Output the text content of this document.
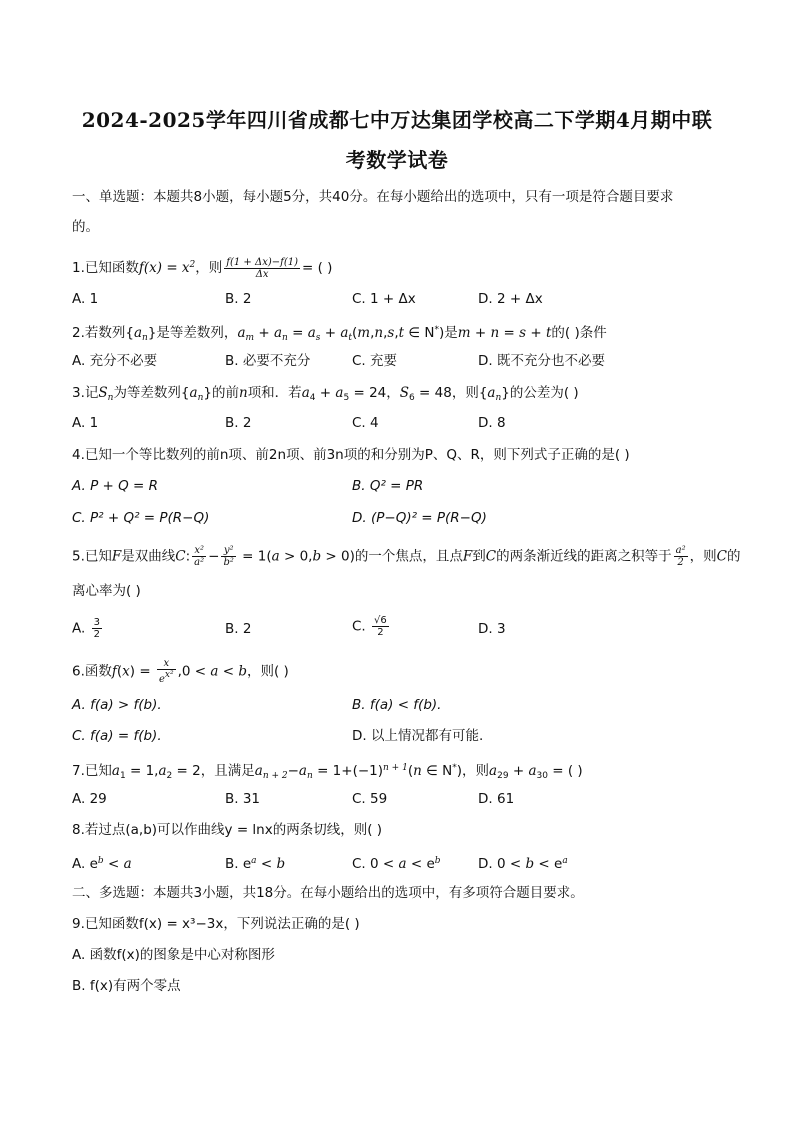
2024-2025学年四川省成都七中万达集团学校高二下学期4月期中联
考数学试卷
一、单选题：本题共8小题，每小题5分，共40分。在每小题给出的选项中，只有一项是符合题目要求
的。
1.已知函数$f(x) = x^2$，则 $\frac{f(1 + \Delta x)-f(1)}{\Delta x}$ = ( )
A. 1	B. 2	C. 1 + Δx	D. 2 + Δx
2.若数列$\{a_n\}$是等差数列，$a_m + a_n = a_s + a_t(m,n,s,t$ ∈ N*)是m + n = s + t的( )条件
A. 充分不必要	B. 必要不充分	C. 充要	D. 既不充分也不必要
3.记$S_n$为等差数列$\{a_n\}$的前n项和．若$a_4 + a_5 = 24$，$S_6 = 48$，则$\{a_n\}$的公差为( )
A. 1	B. 2	C. 4	D. 8
4.已知一个等比数列的前n项、前2n项、前3n项的和分别为P、Q、R，则下列式子正确的是( )
A. P + Q = R	B. Q² = PR
C. P² + Q² = P(R−Q)	D. (P−Q)² = P(R−Q)
5.已知F是双曲线C: $\frac{\text{x²}}{\text{a²}} - \frac{\text{y²}}{\text{b²}} = 1(a > 0,b > 0)$的一个焦点，且点F到C的两条渐近线的距离之积等于 $\frac{\text{a²}}{2}$ ，则C的
离心率为( )
A. $\frac{3}{2}$	B. 2	C. $\frac{√6}{2}$	D. 3
6.函数$f(x) = \frac{x}{e^{x^2}} ,0 < a < b$，则( )
A. f(a) > f(b).	B. f(a) < f(b).
C. f(a) = f(b).	D. 以上情况都有可能.
7.已知$a_1 = 1,a_2 = 2$，且满足$a_{n + 2}-a_n = 1+(-1)^{n + 1}(n$ ∈ N*)，则$a_{29} + a_{30}$ = ( )
A. 29	B. 31	C. 59	D. 61
8.若过点(a,b)可以作曲线y = lnx的两条切线，则( )
A. $e^b < a$	B. $e^a < b$	C. $0 < a < e^b$	D. $0 < b < e^a$
二、多选题：本题共3小题，共18分。在每小题给出的选项中，有多项符合题目要求。
9.已知函数f(x) = x³−3x，下列说法正确的是( )
A. 函数f(x)的图象是中心对称图形
B. f(x)有两个零点
